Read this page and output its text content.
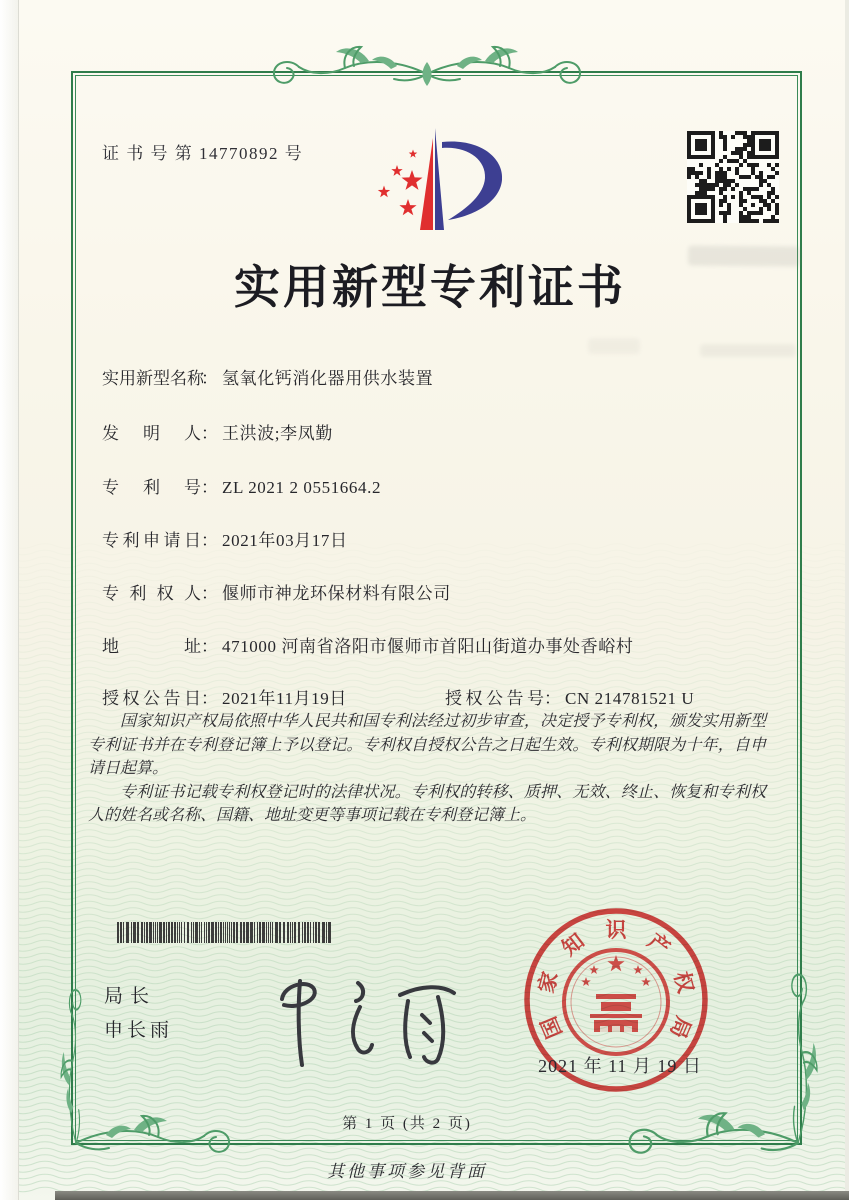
证 书 号 第 14770892 号
实用新型专利证书
实用新型名称： 氢氧化钙消化器用供水装置
发明人： 王洪波;李凤勤
专利号： ZL 2021 2 0551664.2
专利申请日： 2021年03月17日
专利权人： 偃师市神龙环保材料有限公司
地址： 471000 河南省洛阳市偃师市首阳山街道办事处香峪村
授权公告日： 2021年11月19日	授权公告号： CN 214781521 U

国家知识产权局依照中华人民共和国专利法经过初步审查，决定授予专利权，颁发实用新型专利证书并在专利登记簿上予以登记。专利权自授权公告之日起生效。专利权期限为十年，自申请日起算。

专利证书记载专利权登记时的法律状况。专利权的转移、质押、无效、终止、恢复和专利权人的姓名或名称、国籍、地址变更等事项记载在专利登记簿上。

局长
申长雨	国
家
知 识 产
权
局
2021 年 11 月 19 日
第 1 页 (共 2 页)
其他事项参见背面
